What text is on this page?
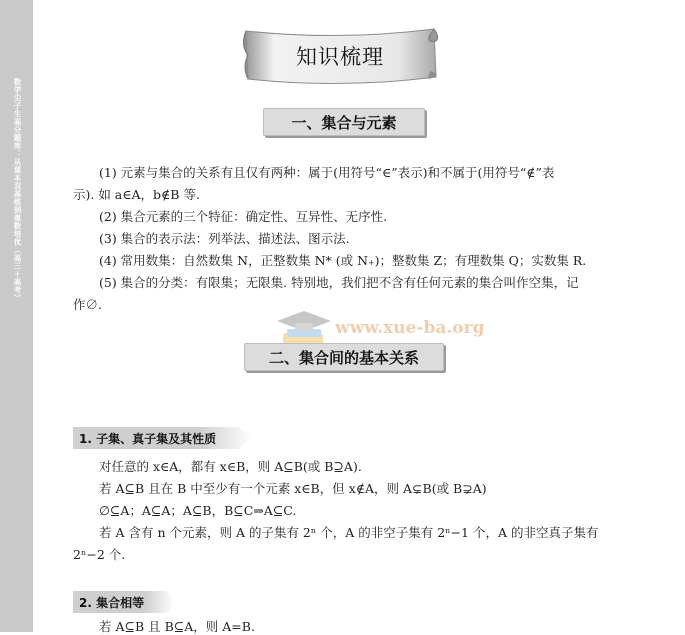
数学尖子生高分题库：从课本双基练到奥数培优（高三＋高考）
知识梳理
一、集合与元素
(1) 元素与集合的关系有且仅有两种：属于(用符号“∈”表示)和不属于(用符号“∉”表
示). 如 a∈A，b∉B 等.
(2) 集合元素的三个特征：确定性、互异性、无序性.
(3) 集合的表示法：列举法、描述法、图示法.
(4) 常用数集：自然数集 N，正整数集 N* (或 N₊)；整数集 Z；有理数集 Q；实数集 R.
(5) 集合的分类：有限集；无限集. 特别地，我们把不含有任何元素的集合叫作空集，记
作∅.
www.xue-ba.org
二、集合间的基本关系
1. 子集、真子集及其性质
对任意的 x∈A，都有 x∈B，则 A⊆B(或 B⊇A).
若 A⊆B 且在 B 中至少有一个元素 x∈B，但 x∉A，则 A⊊B(或 B⊋A)
∅⊆A；A⊆A；A⊆B，B⊆C⇒A⊆C.
若 A 含有 n 个元素，则 A 的子集有 2ⁿ 个，A 的非空子集有 2ⁿ−1 个，A 的非空真子集有
2ⁿ−2 个.
2. 集合相等
若 A⊆B 且 B⊆A，则 A=B.
